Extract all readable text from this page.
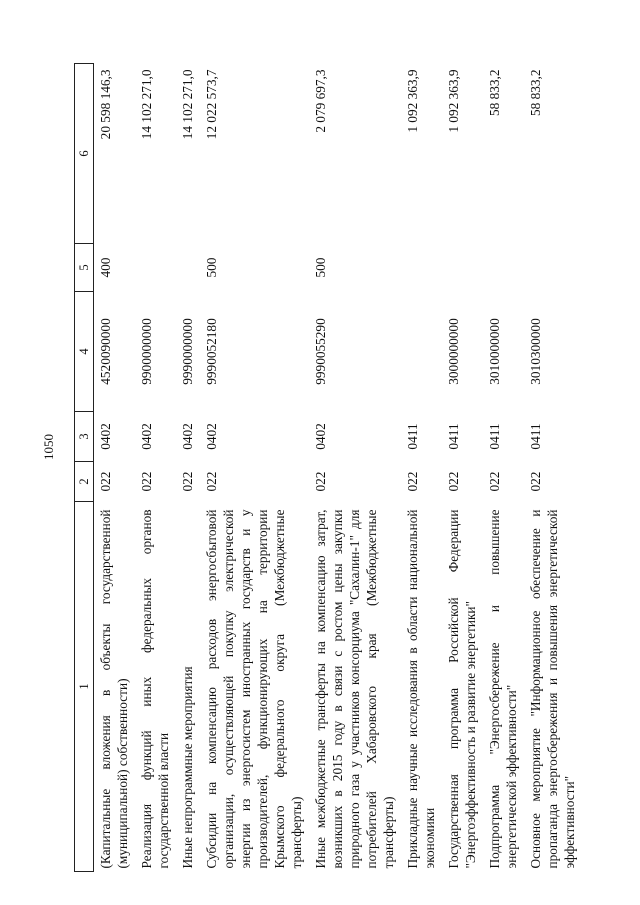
1050
1	2	3	4	5	6
(Капитальные вложения в объекты государственной (муниципальной) собственности)	022	0402	4520090000	400	20 598 146,3
Реализация функций иных федеральных органов государственной власти	022	0402	9900000000		14 102 271,0
Иные непрограммные мероприятия	022	0402	9990000000		14 102 271,0
Субсидии на компенсацию расходов энергосбытовой организации, осуществляющей покупку электрической энергии из энергосистем иностранных государств и у производителей, функционирующих на территории Крымского федерального округа (Межбюджетные трансферты)	022	0402	9990052180	500	12 022 573,7
Иные межбюджетные трансферты на компенсацию затрат, возникших в 2015 году в связи с ростом цены закупки природного газа у участников консорциума "Сахалин-1" для потребителей Хабаровского края (Межбюджетные трансферты)	022	0402	9990055290	500	2 079 697,3
Прикладные научные исследования в области национальной экономики	022	0411			1 092 363,9
Государственная программа Российской Федерации "Энергоэффективность и развитие энергетики"	022	0411	3000000000		1 092 363,9
Подпрограмма "Энергосбережение и повышение энергетической эффективности"	022	0411	3010000000		58 833,2
Основное мероприятие "Информационное обеспечение и пропаганда энергосбережения и повышения энергетической эффективности"	022	0411	3010300000		58 833,2
